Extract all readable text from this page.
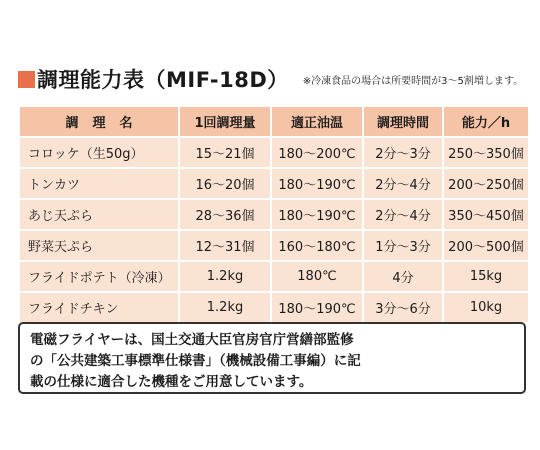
調理能力表（MIF-18D） ※冷凍食品の場合は所要時間が3～5割増します。
調理名	1回調理量	適正油温	調理時間	能力／h
コロッケ（生50g）	15～21個	180～200℃	2分～3分	250～350個
トンカツ	16～20個	180～190℃	2分～4分	200～250個
あじ天ぷら	28～36個	180～190℃	2分～4分	350～450個
野菜天ぷら	12～31個	160～180℃	1分～3分	200～500個
フライドポテト（冷凍）	1.2kg	180℃	4分	15kg
フライドチキン	1.2kg	180～190℃	3分～6分	10kg
電磁フライヤーは、国土交通大臣官房官庁営繕部監修
の「公共建築工事標準仕様書」（機械設備工事編）に記
載の仕様に適合した機種をご用意しています。
